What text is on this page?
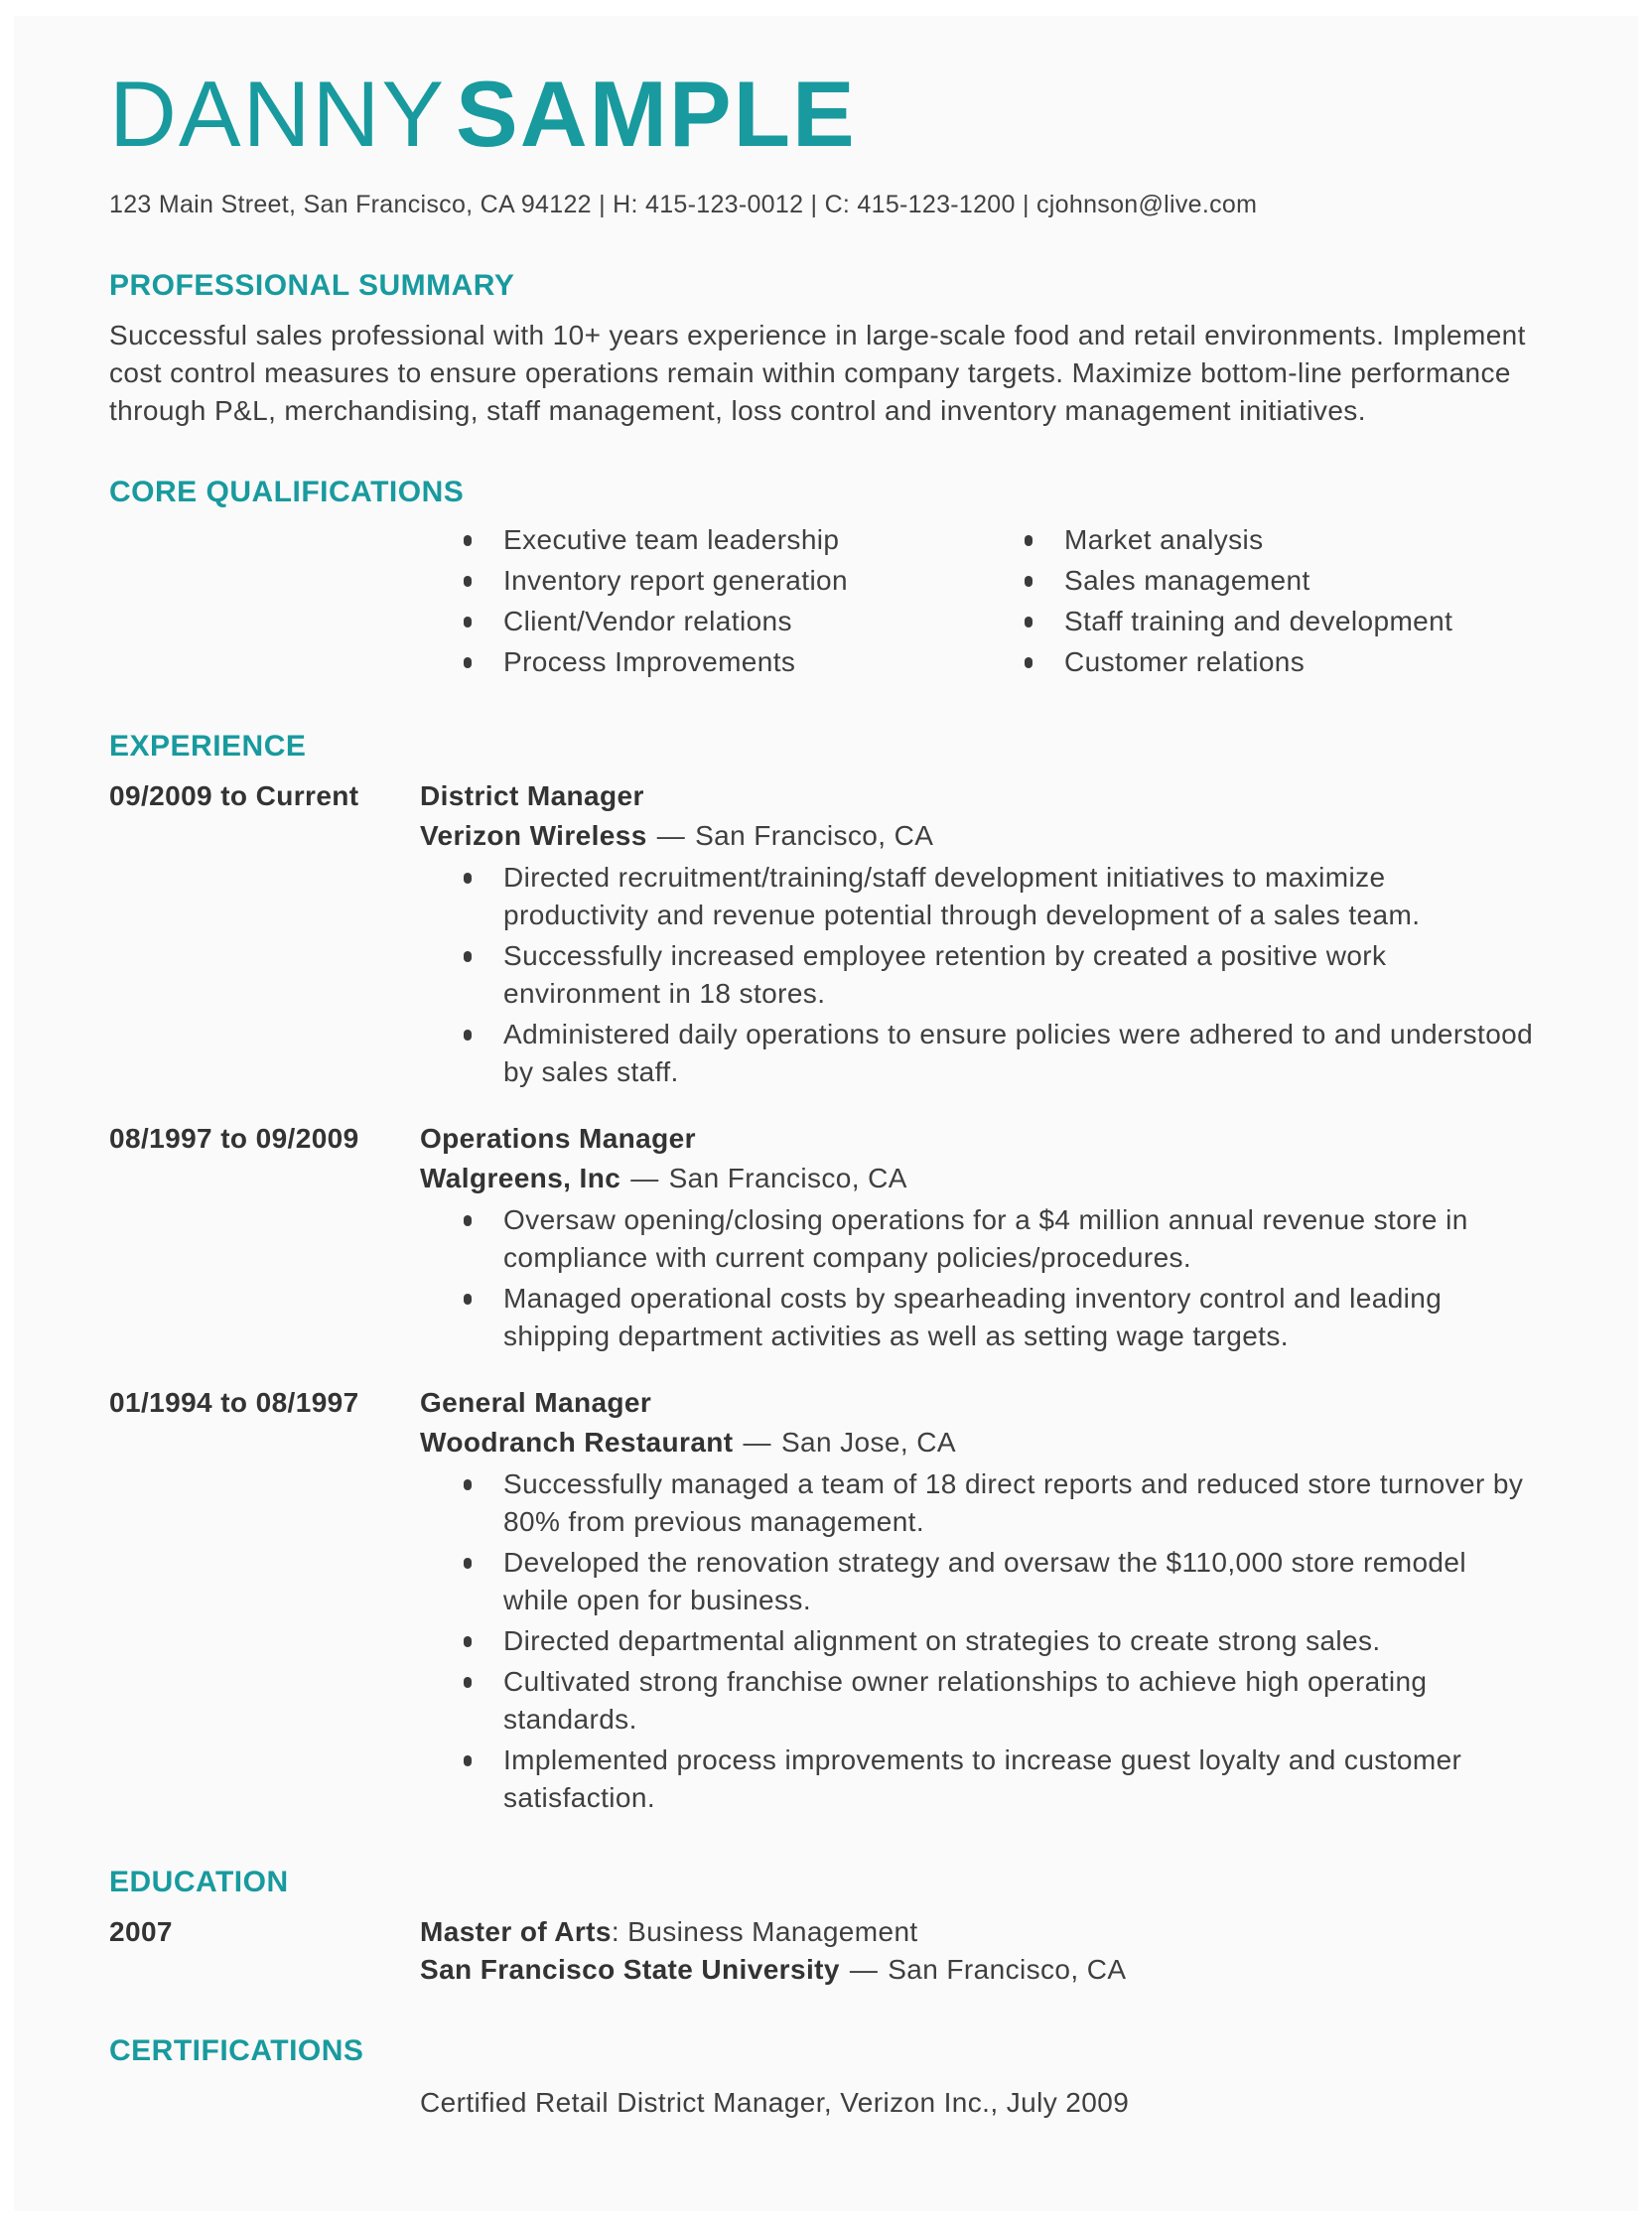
DANNY SAMPLE

123 Main Street, San Francisco, CA 94122 | H: 415-123-0012 | C: 415-123-1200 | cjohnson@live.com

PROFESSIONAL SUMMARY

Successful sales professional with 10+ years experience in large-scale food and retail environments. Implement cost control measures to ensure operations remain within company targets. Maximize bottom-line performance through P&L, merchandising, staff management, loss control and inventory management initiatives.

CORE QUALIFICATIONS
Executive team leadership
Inventory report generation
Client/Vendor relations
Process Improvements
Market analysis
Sales management
Staff training and development
Customer relations
EXPERIENCE
09/2009 to Current	District Manager

Verizon Wireless — San Francisco, CA

Directed recruitment/training/staff development initiatives to maximize productivity and revenue potential through development of a sales team.
Successfully increased employee retention by created a positive work environment in 18 stores.
Administered daily operations to ensure policies were adhered to and understood by sales staff.
08/1997 to 09/2009	Operations Manager

Walgreens, Inc — San Francisco, CA

Oversaw opening/closing operations for a $4 million annual revenue store in compliance with current company policies/procedures.
Managed operational costs by spearheading inventory control and leading shipping department activities as well as setting wage targets.
01/1994 to 08/1997	General Manager

Woodranch Restaurant — San Jose, CA

Successfully managed a team of 18 direct reports and reduced store turnover by 80% from previous management.
Developed the renovation strategy and oversaw the $110,000 store remodel while open for business.
Directed departmental alignment on strategies to create strong sales.
Cultivated strong franchise owner relationships to achieve high operating standards.
Implemented process improvements to increase guest loyalty and customer satisfaction.
EDUCATION
2007	Master of Arts: Business Management

San Francisco State University — San Francisco, CA

CERTIFICATIONS

Certified Retail District Manager, Verizon Inc., July 2009
